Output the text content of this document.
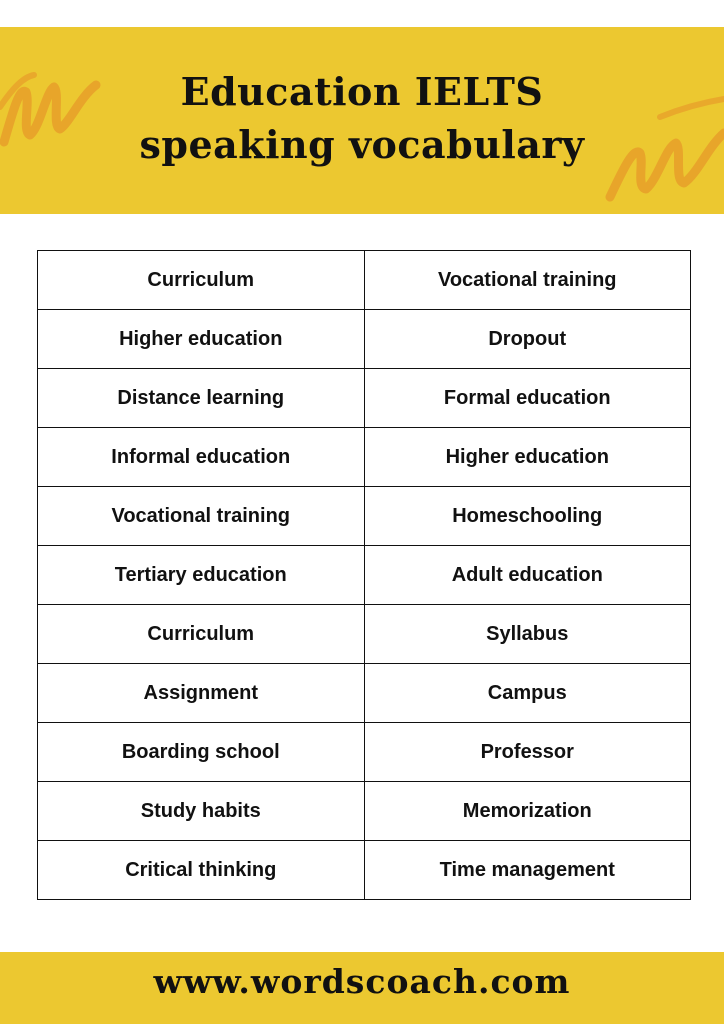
Education IELTS
speaking vocabulary
Curriculum	Vocational training
Higher education	Dropout
Distance learning	Formal education
Informal education	Higher education
Vocational training	Homeschooling
Tertiary education	Adult education
Curriculum	Syllabus
Assignment	Campus
Boarding school	Professor
Study habits	Memorization
Critical thinking	Time management
www.wordscoach.com
